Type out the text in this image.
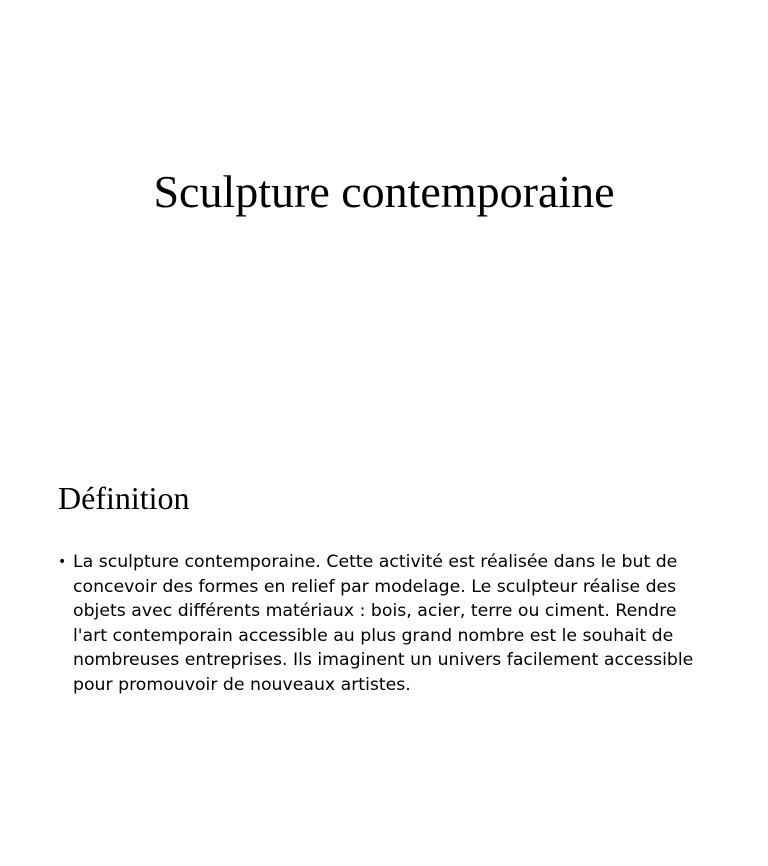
Sculpture contemporaine
Définition
• La sculpture contemporaine. Cette activité est réalisée dans le but de concevoir des formes en relief par modelage. Le sculpteur réalise des objets avec différents matériaux : bois, acier, terre ou ciment. Rendre l'art contemporain accessible au plus grand nombre est le souhait de nombreuses entreprises. Ils imaginent un univers facilement accessible pour promouvoir de nouveaux artistes.
